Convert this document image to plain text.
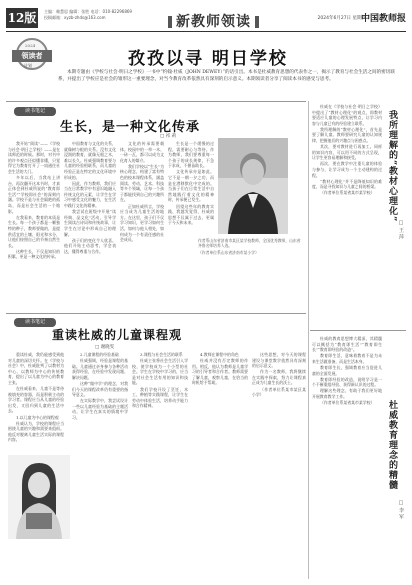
12版	主编：赖慧思 编辑：张胜 电话：010-82296869
投稿邮箱：xyzb-zhds@163.com	新教师领读	2024年6月27日 星期四
中国教师报
2024
领读者
计划	孜孜以寻 明日学校
本期专题由《学校与社会·明日之学校》一书中“约翰·杜威（JOHN DEWEY）”的话引出。本书是杜威教育思想的代表作之一，揭示了教育与社会生活之间的密切联系，并提出了学校应是社会的雏形这一重要理念，对当今教育改革依然具有深刻的启示意义。本期领读者分享了阅读本书的感受与思考。
读书笔记
生长，是一种文化传承
□ 祁 莉

我开始“阅读”——《学校与社会·明日之学校》——是在读师范的时候。那时，对书中的许多观点还似懂非懂，只觉得它为教育打开了一扇通往社会生活的大门。

多年以后，当我站上讲台，再次翻开这本书时，才真正体会到杜威所说的“教育即生活”“学校即社会”的深刻内涵。学校不是与社会隔绝的孤岛，而是社会生活的一个缩影。

在我看来，教育的本质是生长。每一个孩子都是一颗独特的种子，教师要做的，是提供适宜的土壤、阳光和水分，让他们按照自己的节奏自然生长。

这种生长，不仅是知识的积累，更是一种文化的传承。

中国教育与文化的关系，就像树与根的关系。没有文化浸润的教育，就像无根之木，难以长久。杜威强调教育要与儿童的经验相联系，而儿童的经验正是在特定的文化环境中形成的。

因此，作为教师，我们应当在日常教学中有意识地融入传统文化的元素，让学生在学习中感受文化的魅力，在生活中践行文化的精神。

我尝试在班级中开展“读经典、品文化”活动，引导学生阅读古诗词和传统故事，让学生在讨论中形成自己的理解。

孩子们的变化令人欣喜。他们开始主动思考，学会表达，懂得尊重与合作。

文化的传承需要载体。校园中的一草一木、一砖一瓦，都可以成为文化育人的媒介。

我们学校以“生长”为核心理念，构建了富有特色的校本课程体系，涵盖阅读、劳动、艺术、科技等多个领域，让每一个孩子都能找到自己的兴趣所在。

正如杜威所言，学校应当成为儿童生活的地方。在这里，孩子们不仅学习知识，更学习如何生活，如何与他人相处，如何成为一个有责任感的社会成员。

生长是一个缓慢的过程，需要耐心与等待。作为教师，我们要尊重每一个孩子的成长规律，不急于求成，不揠苗助长。

文化传承亦是如此。它不是一朝一夕之功，而是在潜移默化中完成的。当孩子们在日常生活中自然地践行着文化的精神时，传承便已发生。

回望这些年的教育实践，我越发觉得，杜威的思想不仅属于过去，更属于今天和未来。

作者系山东省济南市某区某学校教师，全国优秀教师，山东省齐鲁名师培养人选。
（作者单位系山东省济南市某小学）
读书笔记
重读杜威的儿童课程观
□ 谢晓雯

重读杜威，我仍能感受到他对儿童的深切关怀。在《学校与社会》中，杜威批判了以教材为中心、以教师为中心的传统教育，提出了以儿童为中心的教育主张。

在杜威看来，儿童不是等待被填充的容器，而是积极主动的学习者。课程应当从儿童的经验出发，又回归到儿童的生活中去。

1.以儿童为中心的课程观

杜威认为，学校的课程应当围绕儿童的兴趣和需要来组织。他反对脱离儿童生活实际的课程内容。

2.儿童课程的经验基础

杜威强调，经验是课程的基础。儿童通过亲身参与各种活动获得经验，在经验中发现问题、解决问题。

这种“做中学”的理念，对我们今天的课程改革仍有重要的指导意义。

在实际教学中，我尝试设计一些以儿童经验为基础的主题活动，让学生在真实的情境中学习。

3.课程与社会生活的联系

杜威主张将社会生活引入学校，使学校成为一个小型的社会。学生在学校中学习的，应当是对社会生活有用的知识和技能。

我们学校开设了烹饪、木工、种植等实践课程，让学生在劳动中体验生活，培养动手能力和合作精神。

4.教师在课程中的角色

杜威并没有否定教师的作用。相反，他认为教师是儿童学习的引导者和合作者。教师需要了解儿童，观察儿童，在恰当的时机给予帮助。

这些思想，对今天的课程建设与课堂教学依然具有深刻的启示意义。

作为一名教师，我将继续在实践中探索，努力让课程真正成为儿童生长的沃土。

（作者单位系某市某区某小学）

杜威在《学校与社会·明日之学校》中提出了“教材心理化”的观点，即教材要适应儿童的心理发展特点，让学习内容与儿童已有的经验建立联系。

我所理解的“教材心理化”，首先是要了解儿童。教师要研究儿童的认知规律，把握他们的兴趣点与困惑点。

其次，要对教材进行再加工。同样的知识内容，可以用不同的方式呈现，让学生更容易理解和接受。

再次，要在教学中注重儿童的体验与参与，让学习成为一个主动建构的过程。

“教材心理化”并不是降低知识的难度，而是寻找知识与儿童之间的桥梁。

（作者单位系某省某市某学校）

我所理解的“教材心理化”
□ 王 萍

杜威的教育思想博大精深，其精髓可以概括为“教育即生活”“教育即生长”“教育即经验的改造”。

教育即生活，意味着教育不是为未来生活做准备，而是生活本身。

教育即生长，强调教育应当促进儿童的全面发展。

教育即经验的改造，说明学习是一个不断重组经验、获得新认识的过程。

理解这些理念，有助于我们更好地开展教育教学工作。

（作者单位系某省某市某学校）	杜威教育理念的精髓
□ 李 军
